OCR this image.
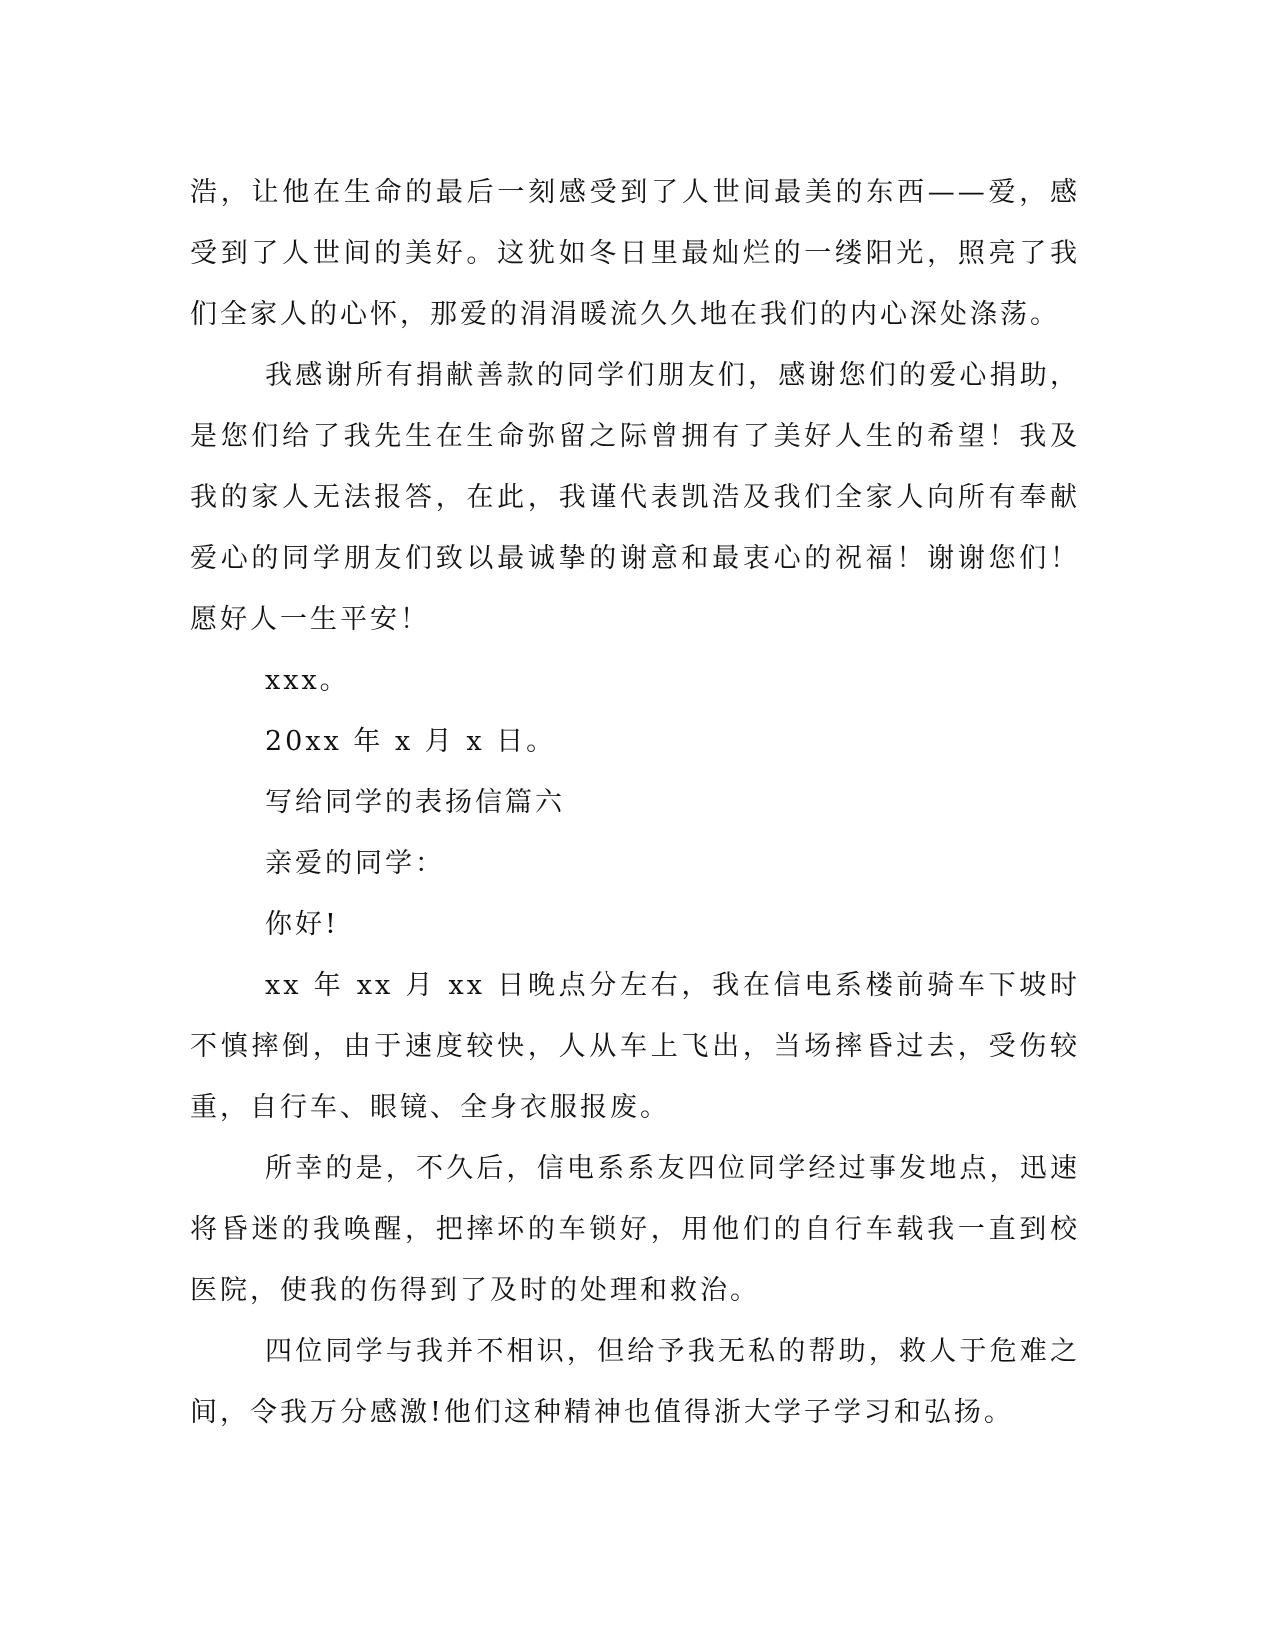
浩，让他在生命的最后一刻感受到了人世间最美的东西——爱，感受到了人世间的美好。这犹如冬日里最灿烂的一缕阳光，照亮了我们全家人的心怀，那爱的涓涓暖流久久地在我们的内心深处涤荡。

我感谢所有捐献善款的同学们朋友们，感谢您们的爱心捐助，是您们给了我先生在生命弥留之际曾拥有了美好人生的希望！我及我的家人无法报答，在此，我谨代表凯浩及我们全家人向所有奉献爱心的同学朋友们致以最诚挚的谢意和最衷心的祝福！谢谢您们！愿好人一生平安！

xxx。

20xx 年 x 月 x 日。

写给同学的表扬信篇六

亲爱的同学：

你好!

xx 年 xx 月 xx 日晚点分左右，我在信电系楼前骑车下坡时不慎摔倒，由于速度较快，人从车上飞出，当场摔昏过去，受伤较重，自行车、眼镜、全身衣服报废。

所幸的是，不久后，信电系系友四位同学经过事发地点，迅速将昏迷的我唤醒，把摔坏的车锁好，用他们的自行车载我一直到校医院，使我的伤得到了及时的处理和救治。

四位同学与我并不相识，但给予我无私的帮助，救人于危难之间，令我万分感激!他们这种精神也值得浙大学子学习和弘扬。
